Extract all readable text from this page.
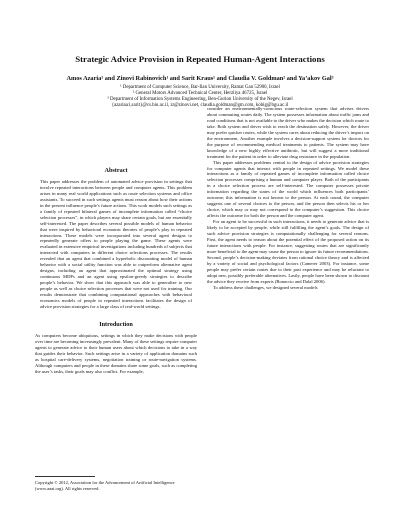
Strategic Advice Provision in Repeated Human-Agent Interactions
Amos Azaria¹ and Zinovi Rabinovich¹ and Sarit Kraus¹ and Claudia V. Goldman² and Ya’akov Gal³
¹ Department of Computer Science, Bar-Ilan University, Ramat Gan 52900, Israel
² General Motors Advanced Technical Center, Herzliya 46725, Israel
³ Department of Information Systems Engineering, Ben-Gurion University of the Negev, Israel
{azariaa1,sarit}@cs.biu.ac.il, zr@zinovi.net, claudia.goldman@gm.com, kobig@bgu.ac.il
Abstract
This paper addresses the problem of automated advice provision in settings that involve repeated interactions between people and computer agents. This problem arises in many real world applications such as route selection systems and office assistants. To succeed in such settings agents must reason about how their actions in the present influence people’s future actions. This work models such settings as a family of repeated bilateral games of incomplete information called “choice selection processes”, in which players may share certain goals, but are essentially self-interested. The paper describes several possible models of human behavior that were inspired by behavioral economic theories of people’s play in repeated interactions. These models were incorporated into several agent designs to repeatedly generate offers to people playing the game. These agents were evaluated in extensive empirical investigations including hundreds of subjects that interacted with computers in different choice selections processes. The results revealed that an agent that combined a hyperbolic discounting model of human behavior with a social utility function was able to outperform alternative agent designs, including an agent that approximated the optimal strategy using continuous MDPs and an agent using epsilon-greedy strategies to describe people’s behavior. We show that this approach was able to generalize to new people as well as choice selection processes that were not used for training. Our results demonstrate that combining computational approaches with behavioral economics models of people in repeated interactions facilitates the design of advice provision strategies for a large class of real-world settings.
Introduction
As computers become ubiquitous, settings in which they make decisions with people over time are becoming increasingly prevalent. Many of these settings require computer agents to generate advice to their human users about which decisions to take in a way that guides their behavior. Such settings arise in a variety of application domains such as hospital care-delivery systems, negotiation training or route-navigation systems. Although computers and people in these domains share some goals, such as completing the user’s tasks, their goals may also conflict. For example,
Copyright © 2012, Association for the Advancement of Artificial Intelligence (www.aaai.org). All rights reserved.
consider an environmentally-conscious route-selection system that advises drivers about commuting routes daily. The system possesses information about traffic jams and road conditions that is not available to the driver who makes the decision which route to take. Both system and driver wish to reach the destination safely. However, the driver may prefer quicker routes, while the system cares about reducing the driver’s impact on the environment. Another example involves a decision-support system for doctors for the purpose of recommending medical treatments to patients. The system may have knowledge of a new highly effective antibiotic, but will suggest a more traditional treatment for the patient in order to alleviate drug resistance in the population.
This paper addresses problems central to the design of advice provision strategies for computer agents that interact with people in repeated settings. We model these interactions as a family of repeated games of incomplete information called choice selection processes comprising a human and computer player. Both of the participants in a choice selection process are self-interested. The computer possesses private information regarding the states of the world which influences both participants’ outcome; this information is not known to the person. At each round, the computer suggests one of several choices to the person, and the person then selects his or her choice, which may or may not correspond to the computer’s suggestion. This choice affects the outcome for both the person and the computer agent.
For an agent to be successful in such interactions, it needs to generate advice that is likely to be accepted by people, while still fulfilling the agent’s goals. The design of such advice provision strategies is computationally challenging for several reasons. First, the agent needs to reason about the potential effect of the proposed action on its future interactions with people. For instance, suggesting routes that are significantly more beneficial to the agent may cause the person to ignore its future recommendations. Second, people’s decision-making deviates from rational choice theory and is affected by a variety of social and psychological factors (Camerer 2003). For instance, some people may prefer certain routes due to their past experience and may be reluctant to adopt new, possibly preferable alternatives. Lastly, people have been shown to discount the advice they receive from experts (Bonaccio and Dalal 2006).
To address these challenges, we designed several models
